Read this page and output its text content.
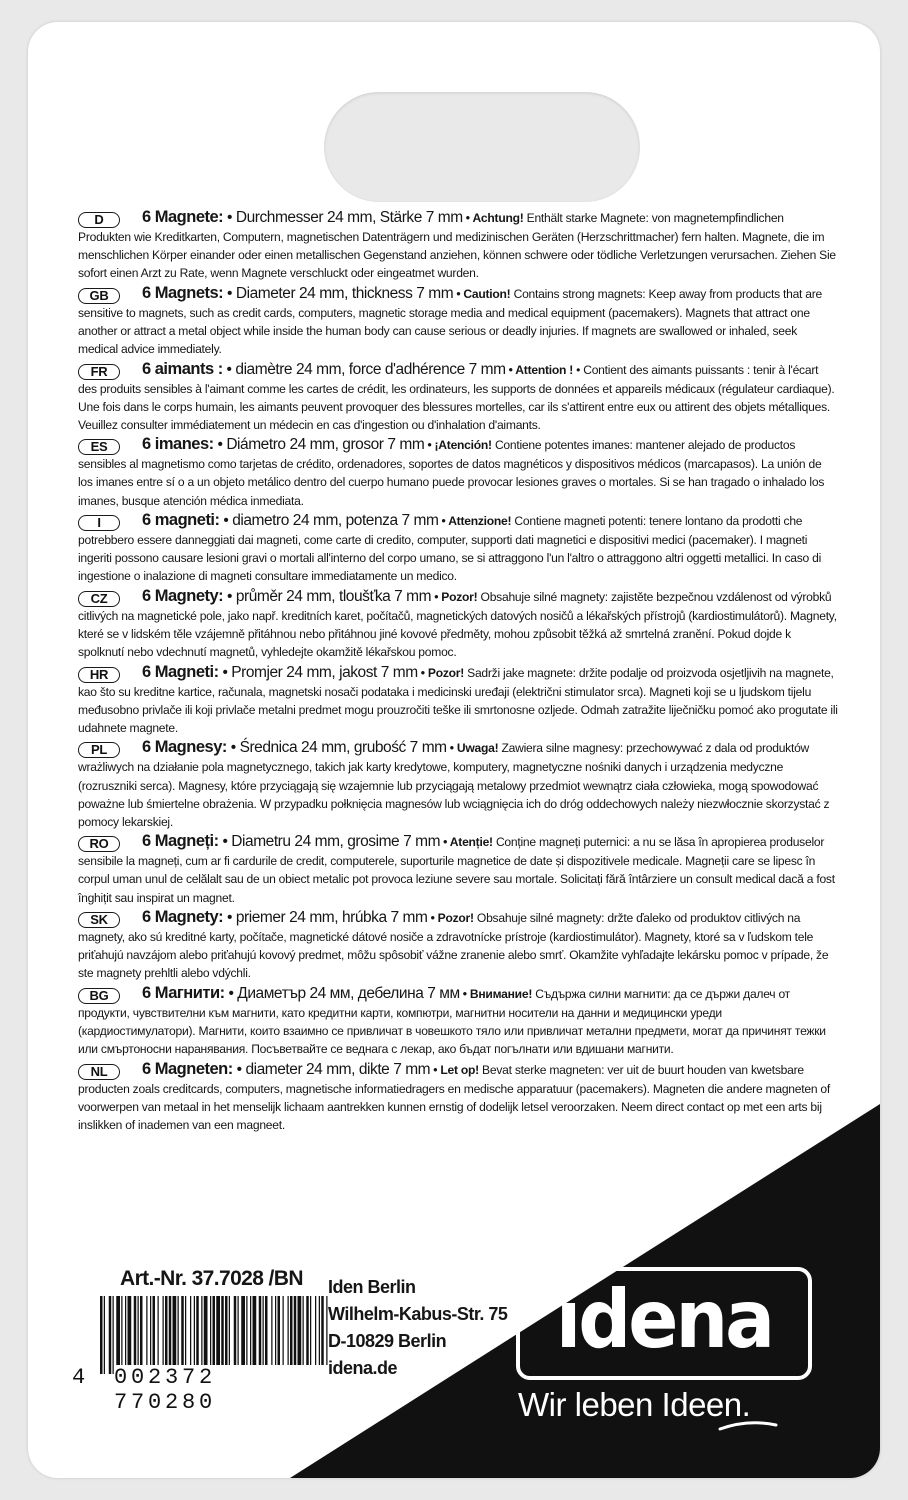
D 6 Magnete: • Durchmesser 24 mm, Stärke 7 mm • Achtung! Enthält starke Magnete: von magnetempfindlichen Produkten wie Kreditkarten, Computern, magnetischen Datenträgern und medizinischen Geräten (Herzschrittmacher) fern halten. Magnete, die im menschlichen Körper einander oder einen metallischen Gegenstand anziehen, können schwere oder tödliche Verletzungen verursachen. Ziehen Sie sofort einen Arzt zu Rate, wenn Magnete verschluckt oder eingeatmet wurden.
GB 6 Magnets: • Diameter 24 mm, thickness 7 mm • Caution! Contains strong magnets: Keep away from products that are sensitive to magnets, such as credit cards, computers, magnetic storage media and medical equipment (pacemakers). Magnets that attract one another or attract a metal object while inside the human body can cause serious or deadly injuries. If magnets are swallowed or inhaled, seek medical advice immediately.
FR 6 aimants : • diamètre 24 mm, force d'adhérence 7 mm • Attention ! • Contient des aimants puissants : tenir à l'écart des produits sensibles à l'aimant comme les cartes de crédit, les ordinateurs, les supports de données et appareils médicaux (régulateur cardiaque). Une fois dans le corps humain, les aimants peuvent provoquer des blessures mortelles, car ils s'attirent entre eux ou attirent des objets métalliques. Veuillez consulter immédiatement un médecin en cas d'ingestion ou d'inhalation d'aimants.
ES 6 imanes: • Diámetro 24 mm, grosor 7 mm • ¡Atención! Contiene potentes imanes: mantener alejado de productos sensibles al magnetismo como tarjetas de crédito, ordenadores, soportes de datos magnéticos y dispositivos médicos (marcapasos). La unión de los imanes entre sí o a un objeto metálico dentro del cuerpo humano puede provocar lesiones graves o mortales. Si se han tragado o inhalado los imanes, busque atención médica inmediata.
I	6 magneti: • diametro 24 mm, potenza 7 mm • Attenzione! Contiene magneti potenti: tenere lontano da prodotti che potrebbero essere danneggiati dai magneti, come carte di credito, computer, supporti dati magnetici e dispositivi medici (pacemaker). I magneti ingeriti possono causare lesioni gravi o mortali all'interno del corpo umano, se si attraggono l'un l'altro o attraggono altri oggetti metallici. In caso di ingestione o inalazione di magneti consultare immediatamente un medico.
CZ 6 Magnety: • průměr 24 mm, tloušťka 7 mm • Pozor! Obsahuje silné magnety: zajistěte bezpečnou vzdálenost od výrobků citlivých na magnetické pole, jako např. kreditních karet, počítačů, magnetických datových nosičů a lékařských přístrojů (kardiostimulátorů). Magnety, které se v lidském těle vzájemně přitáhnou nebo přitáhnou jiné kovové předměty, mohou způsobit těžká až smrtelná zranění. Pokud dojde k spolknutí nebo vdechnutí magnetů, vyhledejte okamžitě lékařskou pomoc.
HR 6 Magneti: • Promjer 24 mm, jakost 7 mm • Pozor! Sadrži jake magnete: držite podalje od proizvoda osjetljivih na magnete, kao što su kreditne kartice, računala, magnetski nosači podataka i medicinski uređaji (električni stimulator srca). Magneti koji se u ljudskom tijelu međusobno privlače ili koji privlače metalni predmet mogu prouzročiti teške ili smrtonosne ozljede. Odmah zatražite liječničku pomoć ako progutate ili udahnete magnete.
PL 6 Magnesy: • Średnica 24 mm, grubość 7 mm • Uwaga! Zawiera silne magnesy: przechowywać z dala od produktów wrażliwych na działanie pola magnetycznego, takich jak karty kredytowe, komputery, magnetyczne nośniki danych i urządzenia medyczne (rozruszniki serca). Magnesy, które przyciągają się wzajemnie lub przyciągają metalowy przedmiot wewnątrz ciała człowieka, mogą spowodować poważne lub śmiertelne obrażenia. W przypadku połknięcia magnesów lub wciągnięcia ich do dróg oddechowych należy niezwłocznie skorzystać z pomocy lekarskiej.
RO 6 Magneți: • Diametru 24 mm, grosime 7 mm • Atenție! Conține magneți puternici: a nu se lăsa în apropierea produselor sensibile la magneți, cum ar fi cardurile de credit, computerele, suporturile magnetice de date și dispozitivele medicale. Magneții care se lipesc în corpul uman unul de celălalt sau de un obiect metalic pot provoca leziune severe sau mortale. Solicitați fără întârziere un consult medical dacă a fost înghițit sau inspirat un magnet.
SK 6 Magnety: • priemer 24 mm, hrúbka 7 mm • Pozor! Obsahuje silné magnety: držte ďaleko od produktov citlivých na magnety, ako sú kreditné karty, počítače, magnetické dátové nosiče a zdravotnícke prístroje (kardiostimulátor). Magnety, ktoré sa v ľudskom tele priťahujú navzájom alebo priťahujú kovový predmet, môžu spôsobiť vážne zranenie alebo smrť. Okamžite vyhľadajte lekársku pomoc v prípade, že ste magnety prehltli alebo vdýchli.
BG 6 Магнити: • Диаметър 24 мм, дебелина 7 мм • Внимание! Съдържа силни магнити: да се държи далеч от продукти, чувствителни към магнити, като кредитни карти, компютри, магнитни носители на данни и медицински уреди (кардиостимулатори). Магнити, които взаимно се привличат в човешкото тяло или привличат метални предмети, могат да причинят тежки или смъртоносни наранявания. Посъветвайте се веднага с лекар, ако бъдат погълнати или вдишани магнити.
NL 6 Magneten: • diameter 24 mm, dikte 7 mm • Let op! Bevat sterke magneten: ver uit de buurt houden van kwetsbare producten zoals creditcards, computers, magnetische informatiedragers en medische apparatuur (pacemakers). Magneten die andere magneten of voorwerpen van metaal in het menselijk lichaam aantrekken kunnen ernstig of dodelijk letsel veroorzaken. Neem direct contact op met een arts bij inslikken of inademen van een magneet.
Art.-Nr. 37.7028 /BN
4 002372 770280
Iden Berlin
Wilhelm-Kabus-Str. 75
D-10829 Berlin
idena.de
idena
Wir leben Ideen.
